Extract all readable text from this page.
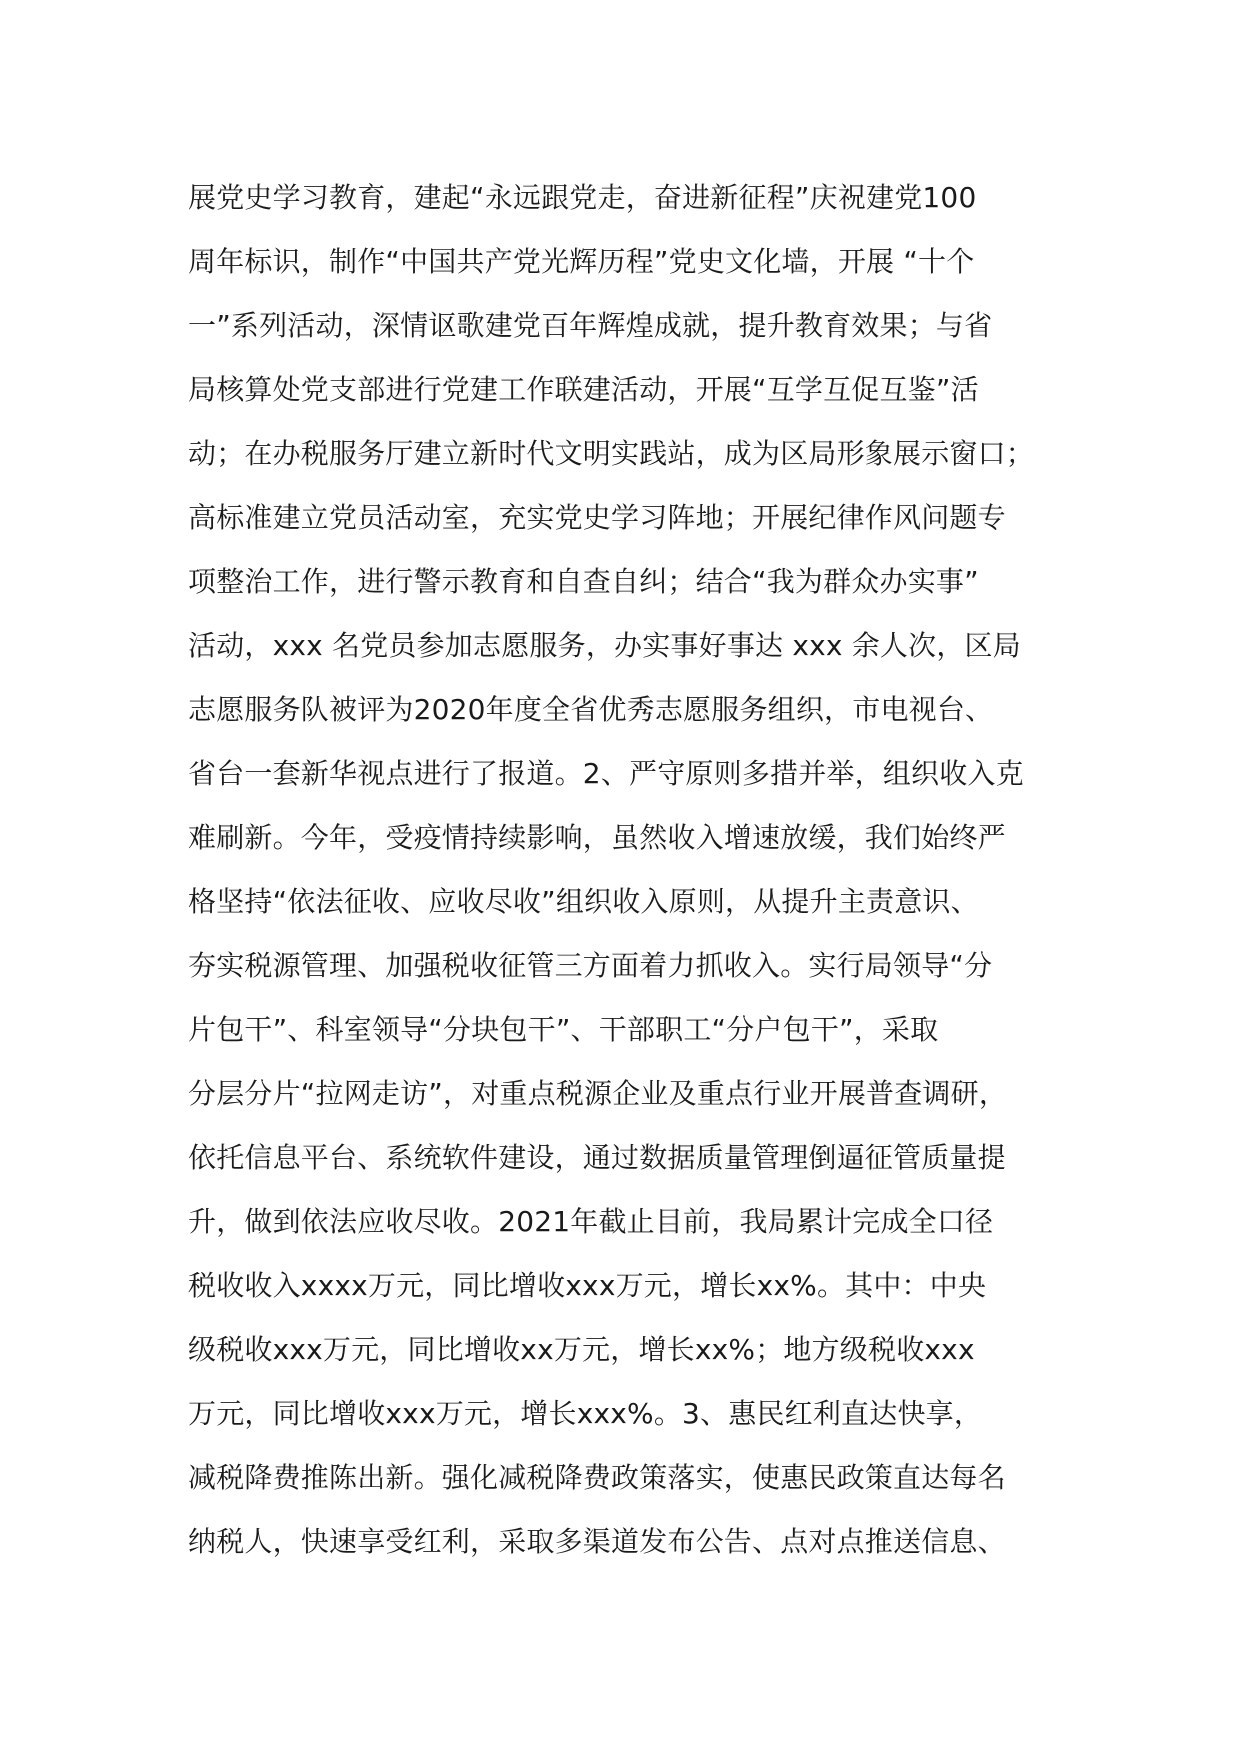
展党史学习教育，建起“永远跟党走，奋进新征程”庆祝建党100
周年标识，制作“中国共产党光辉历程”党史文化墙，开展 “十个
一”系列活动，深情讴歌建党百年辉煌成就，提升教育效果；与省
局核算处党支部进行党建工作联建活动，开展“互学互促互鉴”活
动；在办税服务厅建立新时代文明实践站，成为区局形象展示窗口；
高标准建立党员活动室，充实党史学习阵地；开展纪律作风问题专
项整治工作，进行警示教育和自查自纠；结合“我为群众办实事”
活动，xxx 名党员参加志愿服务，办实事好事达 xxx 余人次，区局
志愿服务队被评为2020年度全省优秀志愿服务组织，市电视台、
省台一套新华视点进行了报道。2、严守原则多措并举，组织收入克
难刷新。今年，受疫情持续影响，虽然收入增速放缓，我们始终严
格坚持“依法征收、应收尽收”组织收入原则，从提升主责意识、
夯实税源管理、加强税收征管三方面着力抓收入。实行局领导“分
片包干”、科室领导“分块包干”、干部职工“分户包干”，采取
分层分片“拉网走访”，对重点税源企业及重点行业开展普查调研，
依托信息平台、系统软件建设，通过数据质量管理倒逼征管质量提
升，做到依法应收尽收。2021年截止目前，我局累计完成全口径
税收收入xxxx万元，同比增收xxx万元，增长xx%。其中：中央
级税收xxx万元，同比增收xx万元，增长xx%；地方级税收xxx
万元，同比增收xxx万元，增长xxx%。3、惠民红利直达快享，
减税降费推陈出新。强化减税降费政策落实，使惠民政策直达每名
纳税人，快速享受红利，采取多渠道发布公告、点对点推送信息、
